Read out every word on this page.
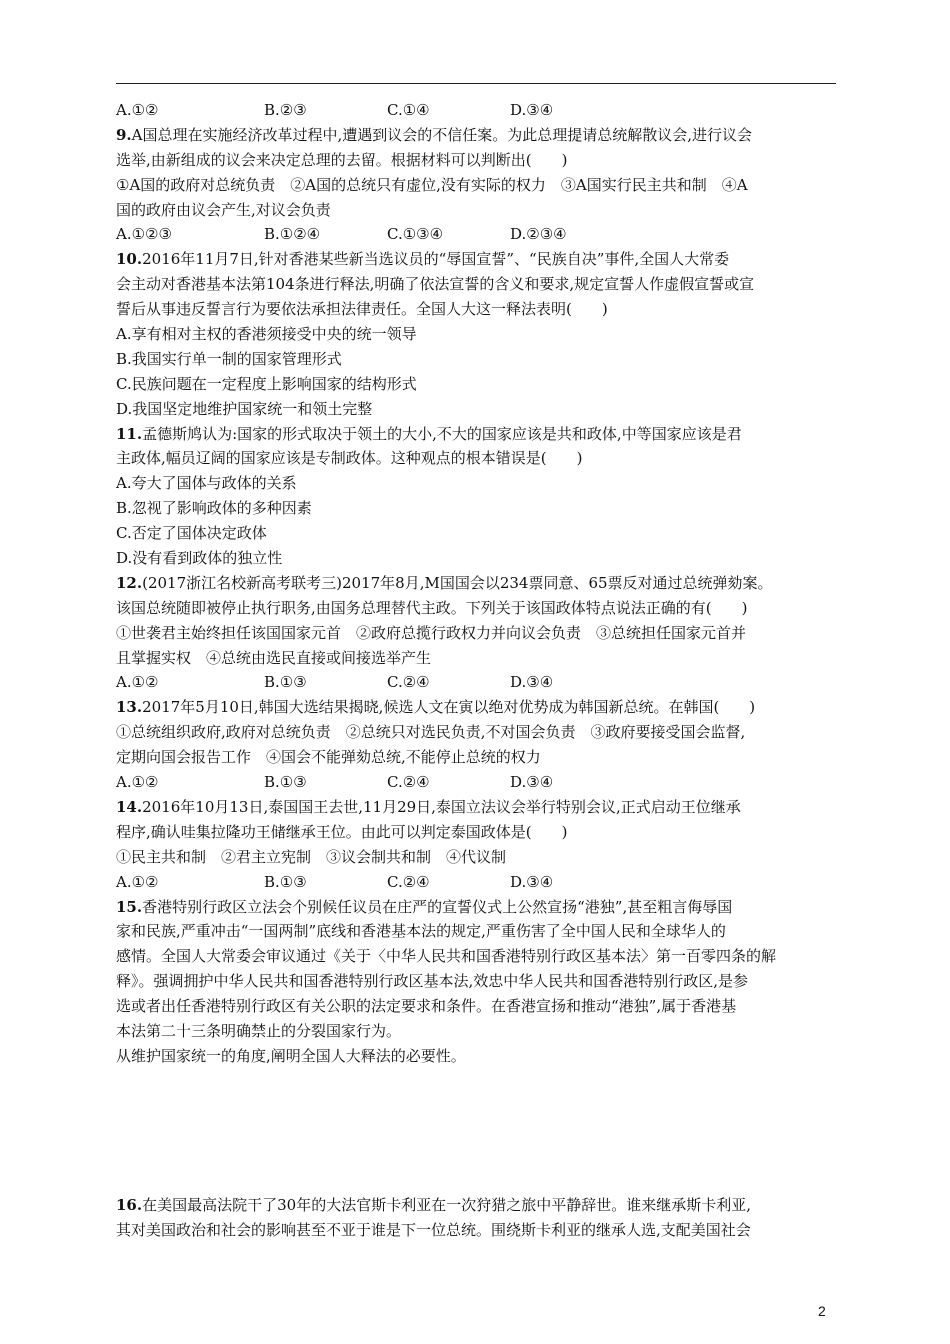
A.①②	B.②③	C.①④	D.③④
9.A国总理在实施经济改革过程中,遭遇到议会的不信任案。为此总理提请总统解散议会,进行议会
选举,由新组成的议会来决定总理的去留。根据材料可以判断出(　　)
①A国的政府对总统负责　②A国的总统只有虚位,没有实际的权力　③A国实行民主共和制　④A
国的政府由议会产生,对议会负责
A.①②③	B.①②④	C.①③④	D.②③④
10.2016年11月7日,针对香港某些新当选议员的“辱国宣誓”、“民族自决”事件,全国人大常委
会主动对香港基本法第104条进行释法,明确了依法宣誓的含义和要求,规定宣誓人作虚假宣誓或宣
誓后从事违反誓言行为要依法承担法律责任。全国人大这一释法表明(　　)
A.享有相对主权的香港须接受中央的统一领导
B.我国实行单一制的国家管理形式
C.民族问题在一定程度上影响国家的结构形式
D.我国坚定地维护国家统一和领土完整
11.孟德斯鸠认为:国家的形式取决于领土的大小,不大的国家应该是共和政体,中等国家应该是君
主政体,幅员辽阔的国家应该是专制政体。这种观点的根本错误是(　　)
A.夸大了国体与政体的关系
B.忽视了影响政体的多种因素
C.否定了国体决定政体
D.没有看到政体的独立性
12.(2017浙江名校新高考联考三)2017年8月,M国国会以234票同意、65票反对通过总统弹劾案。
该国总统随即被停止执行职务,由国务总理替代主政。下列关于该国政体特点说法正确的有(　　)
①世袭君主始终担任该国国家元首　②政府总揽行政权力并向议会负责　③总统担任国家元首并
且掌握实权　④总统由选民直接或间接选举产生
A.①②	B.①③	C.②④	D.③④
13.2017年5月10日,韩国大选结果揭晓,候选人文在寅以绝对优势成为韩国新总统。在韩国(　　)
①总统组织政府,政府对总统负责　②总统只对选民负责,不对国会负责　③政府要接受国会监督,
定期向国会报告工作　④国会不能弹劾总统,不能停止总统的权力
A.①②	B.①③	C.②④	D.③④
14.2016年10月13日,泰国国王去世,11月29日,泰国立法议会举行特别会议,正式启动王位继承
程序,确认哇集拉隆功王储继承王位。由此可以判定泰国政体是(　　)
①民主共和制　②君主立宪制　③议会制共和制　④代议制
A.①②	B.①③	C.②④	D.③④
15.香港特别行政区立法会个别候任议员在庄严的宣誓仪式上公然宣扬“港独”,甚至粗言侮辱国
家和民族,严重冲击“一国两制”底线和香港基本法的规定,严重伤害了全中国人民和全球华人的
感情。全国人大常委会审议通过《关于〈中华人民共和国香港特别行政区基本法〉第一百零四条的解
释》。强调拥护中华人民共和国香港特别行政区基本法,效忠中华人民共和国香港特别行政区,是参
选或者出任香港特别行政区有关公职的法定要求和条件。在香港宣扬和推动“港独”,属于香港基
本法第二十三条明确禁止的分裂国家行为。
从维护国家统一的角度,阐明全国人大释法的必要性。
16.在美国最高法院干了30年的大法官斯卡利亚在一次狩猎之旅中平静辞世。谁来继承斯卡利亚,
其对美国政治和社会的影响甚至不亚于谁是下一位总统。围绕斯卡利亚的继承人选,支配美国社会
2
